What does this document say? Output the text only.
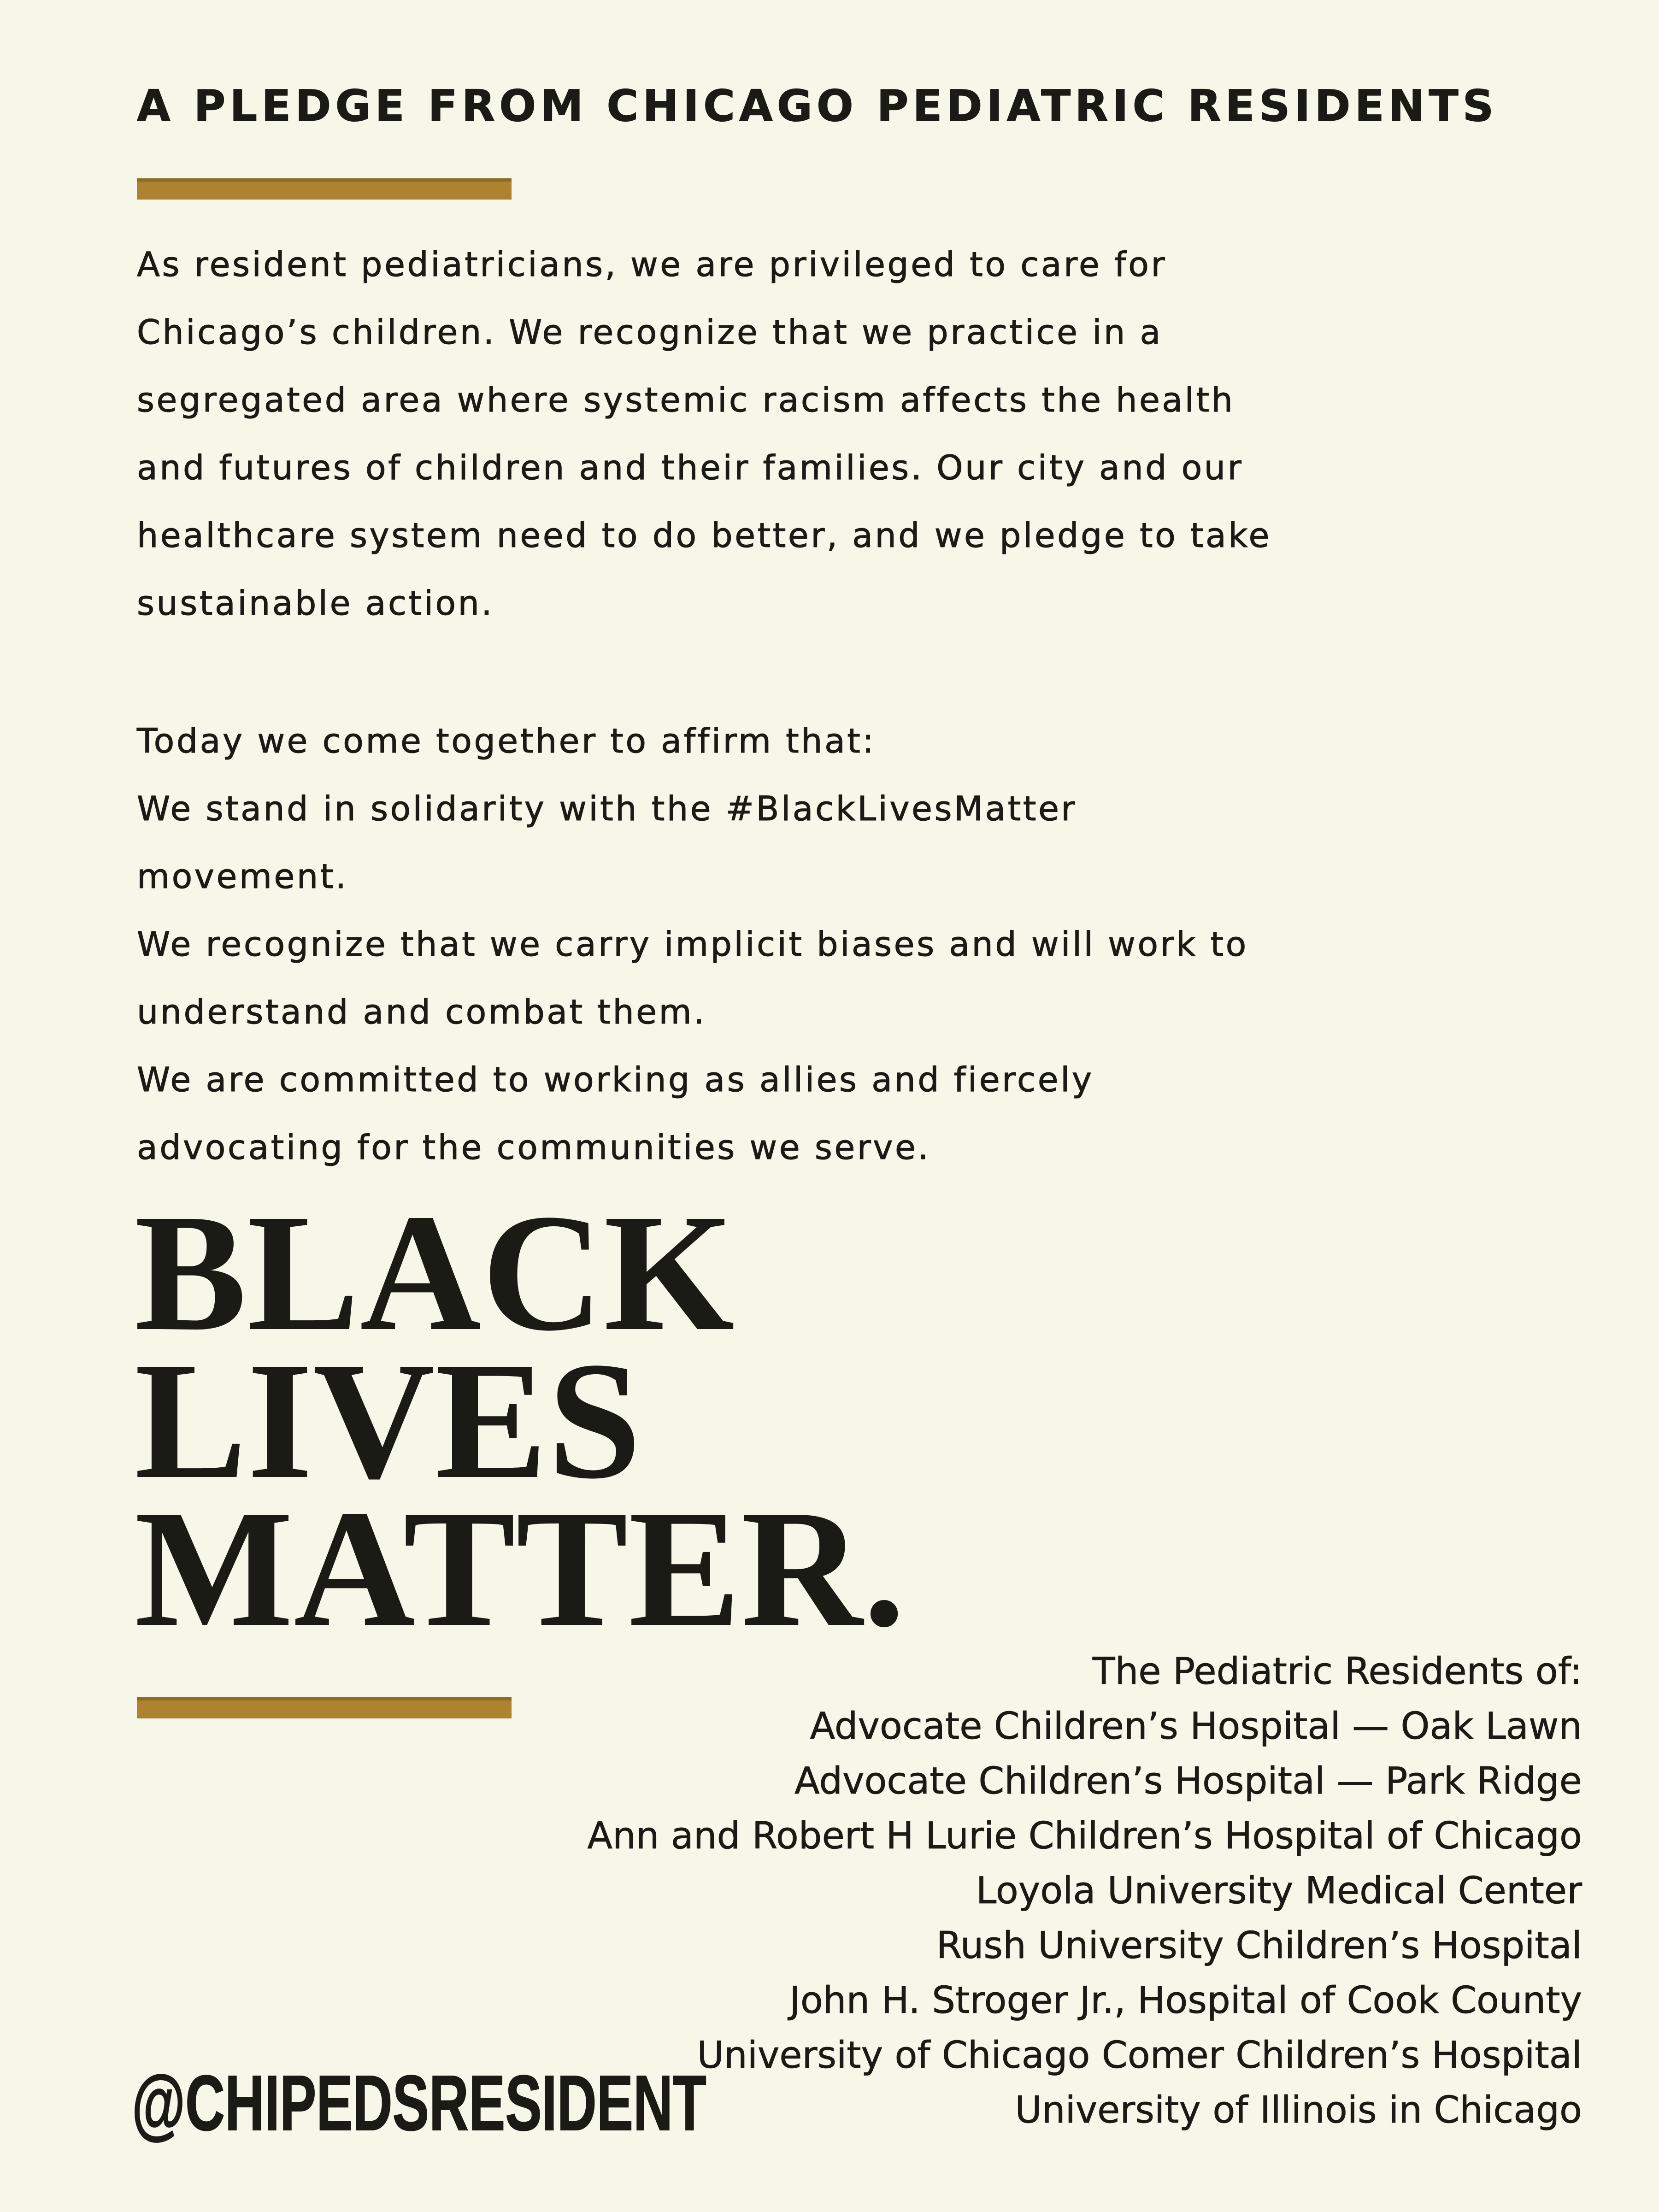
A PLEDGE FROM CHICAGO PEDIATRIC RESIDENTS
As resident pediatricians, we are privileged to care for
Chicago’s children. We recognize that we practice in a
segregated area where systemic racism affects the health
and futures of children and their families. Our city and our
healthcare system need to do better, and we pledge to take
sustainable action.
Today we come together to affirm that:
We stand in solidarity with the #BlackLivesMatter
movement.
We recognize that we carry implicit biases and will work to
understand and combat them.
We are committed to working as allies and fiercely
advocating for the communities we serve.
BLACK
LIVES
MATTER.
The Pediatric Residents of:
Advocate Children’s Hospital — Oak Lawn
Advocate Children’s Hospital — Park Ridge
Ann and Robert H Lurie Children’s Hospital of Chicago
Loyola University Medical Center
Rush University Children’s Hospital
John H. Stroger Jr., Hospital of Cook County
University of Chicago Comer Children’s Hospital
University of Illinois in Chicago
@CHIPEDSRESIDENT
